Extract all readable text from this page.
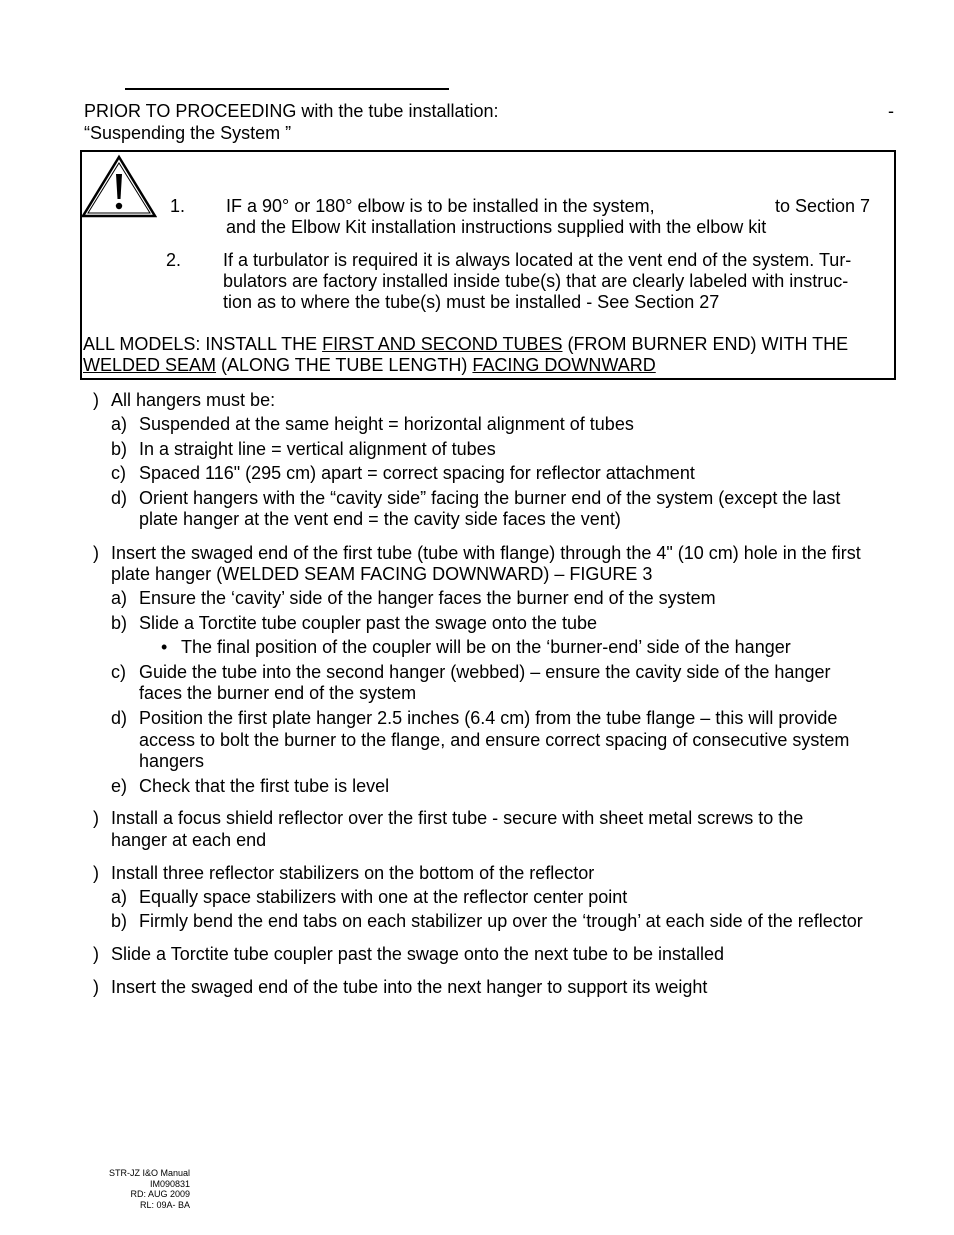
PRIOR TO PROCEEDING with the tube installation:	-
“Suspending the System ”
1. IF a 90° or 180° elbow is to be installed in the system,	to Section 7
and the Elbow Kit installation instructions supplied with the elbow kit
2. If a turbulator is required it is always located at the vent end of the system. Tur-
bulators are factory installed inside tube(s) that are clearly labeled with instruc-
tion as to where the tube(s) must be installed - See Section 27
ALL MODELS: INSTALL THE FIRST AND SECOND TUBES (FROM BURNER END) WITH THE
WELDED SEAM (ALONG THE TUBE LENGTH) FACING DOWNWARD
) All hangers must be:
a) Suspended at the same height = horizontal alignment of tubes
b) In a straight line = vertical alignment of tubes
c) Spaced 116" (295 cm) apart = correct spacing for reflector attachment
d) Orient hangers with the “cavity side” facing the burner end of the system (except the last
plate hanger at the vent end = the cavity side faces the vent)
) Insert the swaged end of the first tube (tube with flange) through the 4" (10 cm) hole in the first
plate hanger (WELDED SEAM FACING DOWNWARD) – FIGURE 3
a) Ensure the ‘cavity’ side of the hanger faces the burner end of the system
b) Slide a Torctite tube coupler past the swage onto the tube
• The final position of the coupler will be on the ‘burner-end’ side of the hanger
c) Guide the tube into the second hanger (webbed) – ensure the cavity side of the hanger
faces the burner end of the system
d) Position the first plate hanger 2.5 inches (6.4 cm) from the tube flange – this will provide
access to bolt the burner to the flange, and ensure correct spacing of consecutive system
hangers
e) Check that the first tube is level
) Install a focus shield reflector over the first tube - secure with sheet metal screws to the
hanger at each end
) Install three reflector stabilizers on the bottom of the reflector
a) Equally space stabilizers with one at the reflector center point
b) Firmly bend the end tabs on each stabilizer up over the ‘trough’ at each side of the reflector
) Slide a Torctite tube coupler past the swage onto the next tube to be installed
) Insert the swaged end of the tube into the next hanger to support its weight
STR-JZ I&O Manual
IM090831
RD: AUG 2009
RL: 09A- BA
